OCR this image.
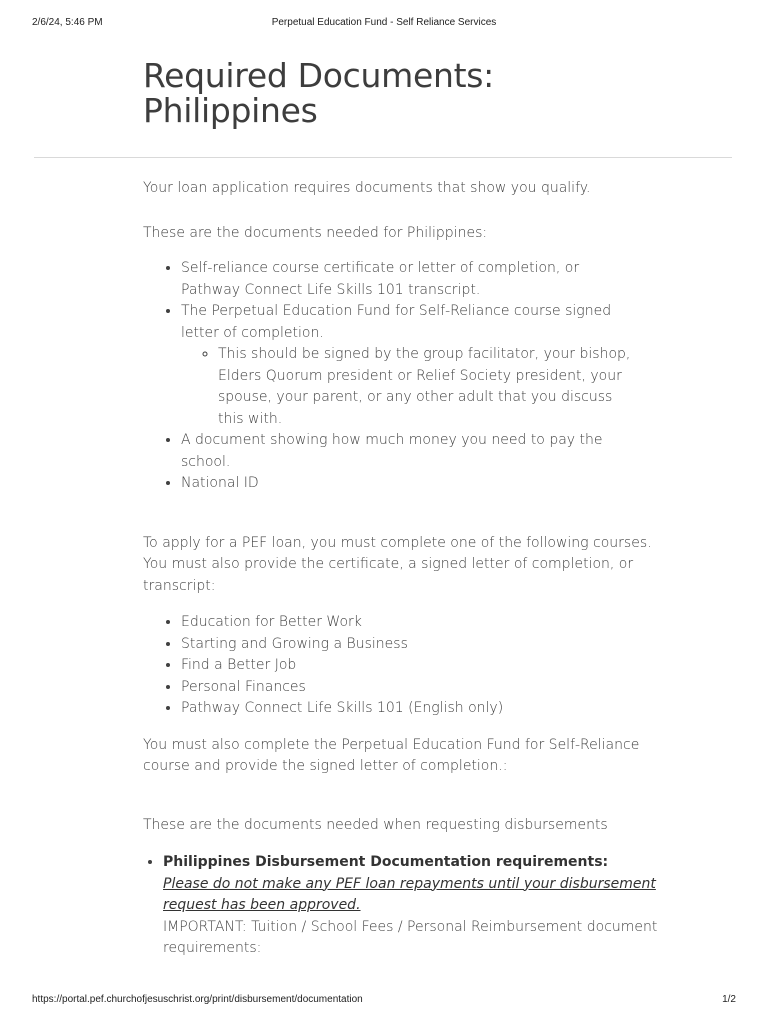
2/6/24, 5:46 PM	Perpetual Education Fund - Self Reliance Services
Required Documents:
Philippines

Your loan application requires documents that show you qualify.

These are the documents needed for Philippines:

• Self-reliance course certificate or letter of completion, or Pathway Connect Life Skills 101 transcript.
• The Perpetual Education Fund for Self-Reliance course signed letter of completion.
◦ This should be signed by the group facilitator, your bishop, Elders Quorum president or Relief Society president, your spouse, your parent, or any other adult that you discuss this with.
• A document showing how much money you need to pay the school.
• National ID

To apply for a PEF loan, you must complete one of the following courses. You must also provide the certificate, a signed letter of completion, or transcript:

• Education for Better Work
• Starting and Growing a Business
• Find a Better Job
• Personal Finances
• Pathway Connect Life Skills 101 (English only)

You must also complete the Perpetual Education Fund for Self-Reliance course and provide the signed letter of completion.:

These are the documents needed when requesting disbursements

• Philippines Disbursement Documentation requirements:
Please do not make any PEF loan repayments until your disbursement request has been approved.

IMPORTANT: Tuition / School Fees / Personal Reimbursement document requirements:

https://portal.pef.churchofjesuschrist.org/print/disbursement/documentation	1/2
